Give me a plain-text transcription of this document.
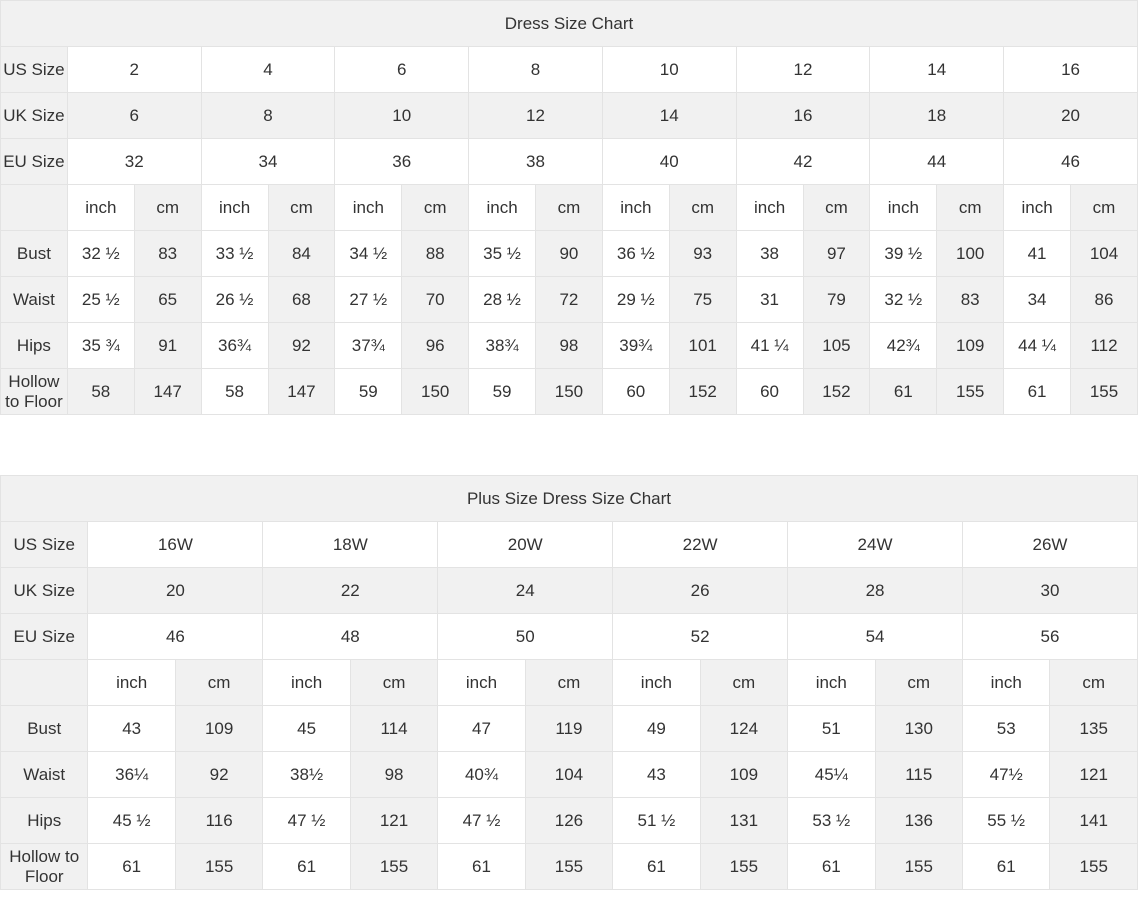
Dress Size Chart																
US Size	2		4		6		8		10		12		14		16	
UK Size	6		8		10		12		14		16		18		20	
EU Size	32		34		36		38		40		42		44		46	
	inch	cm	inch	cm	inch	cm	inch	cm	inch	cm	inch	cm	inch	cm	inch	cm
Bust	32 ½	83	33 ½	84	34 ½	88	35 ½	90	36 ½	93	38	97	39 ½	100	41	104
Waist	25 ½	65	26 ½	68	27 ½	70	28 ½	72	29 ½	75	31	79	32 ½	83	34	86
Hips	35 ¾	91	36¾	92	37¾	96	38¾	98	39¾	101	41 ¼	105	42¾	109	44 ¼	112
Hollow to Floor	58	147	58	147	59	150	59	150	60	152	60	152	61	155	61	155
Plus Size Dress Size Chart												
US Size	16W		18W		20W		22W		24W		26W	
UK Size	20		22		24		26		28		30	
EU Size	46		48		50		52		54		56	
	inch	cm	inch	cm	inch	cm	inch	cm	inch	cm	inch	cm
Bust	43	109	45	114	47	119	49	124	51	130	53	135
Waist	36¼	92	38½	98	40¾	104	43	109	45¼	115	47½	121
Hips	45 ½	116	47 ½	121	47 ½	126	51 ½	131	53 ½	136	55 ½	141
Hollow to Floor	61	155	61	155	61	155	61	155	61	155	61	155
